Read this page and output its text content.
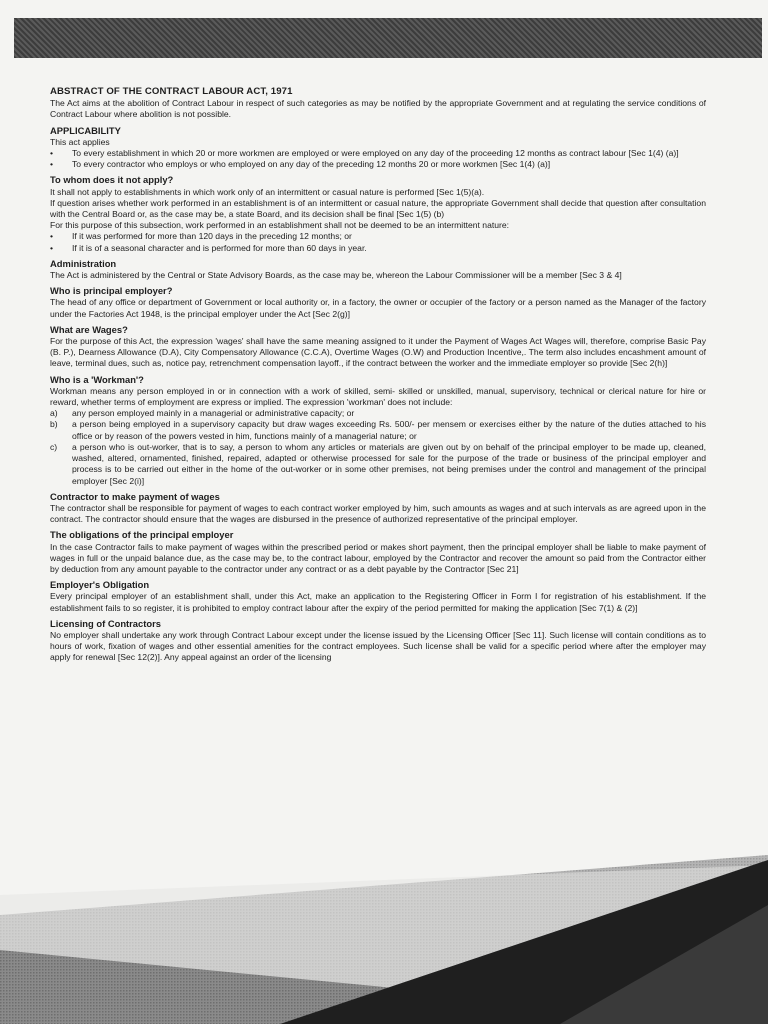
ABSTRACT OF THE CONTRACT LABOUR ACT, 1971

The Act aims at the abolition of Contract Labour in respect of such categories as may be notified by the appropriate Government and at regulating the service conditions of Contract Labour where abolition is not possible.

APPLICABILITY

This act applies

• To every establishment in which 20 or more workmen are employed or were employed on any day of the proceeding 12 months as contract labour [Sec 1(4) (a)]
• To every contractor who employs or who employed on any day of the preceding 12 months 20 or more workmen [Sec 1(4) (a)]
To whom does it not apply?

It shall not apply to establishments in which work only of an intermittent or casual nature is performed [Sec 1(5)(a).

If question arises whether work performed in an establishment is of an intermittent or casual nature, the appropriate Government shall decide that question after consultation with the Central Board or, as the case may be, a state Board, and its decision shall be final [Sec 1(5) (b)

For this purpose of this subsection, work performed in an establishment shall not be deemed to be an intermittent nature:

• If it was performed for more than 120 days in the preceding 12 months; or
• If it is of a seasonal character and is performed for more than 60 days in year.
Administration

The Act is administered by the Central or State Advisory Boards, as the case may be, whereon the Labour Commissioner will be a member [Sec 3 & 4]

Who is principal employer?

The head of any office or department of Government or local authority or, in a factory, the owner or occupier of the factory or a person named as the Manager of the factory under the Factories Act 1948, is the principal employer under the Act [Sec 2(g)]

What are Wages?

For the purpose of this Act, the expression 'wages' shall have the same meaning assigned to it under the Payment of Wages Act Wages will, therefore, comprise Basic Pay (B. P.), Dearness Allowance (D.A), City Compensatory Allowance (C.C.A), Overtime Wages (O.W) and Production Incentive,. The term also includes encashment amount of leave, terminal dues, such as, notice pay, retrenchment compensation layoff., if the contract between the worker and the immediate employer so provide [Sec 2(h)]

Who is a 'Workman'?

Workman means any person employed in or in connection with a work of skilled, semi- skilled or unskilled, manual, supervisory, technical or clerical nature for hire or reward, whether terms of employment are express or implied. The expression 'workman' does not include:

a) any person employed mainly in a managerial or administrative capacity; or
b) a person being employed in a supervisory capacity but draw wages exceeding Rs. 500/- per mensem or exercises either by the nature of the duties attached to his office or by reason of the powers vested in him, functions mainly of a managerial nature; or
c) a person who is out-worker, that is to say, a person to whom any articles or materials are given out by on behalf of the principal employer to be made up, cleaned, washed, altered, ornamented, finished, repaired, adapted or otherwise processed for sale for the purpose of the trade or business of the principal employer and process is to be carried out either in the home of the out-worker or in some other premises, not being premises under the control and management of the principal employer [Sec 2(i)]
Contractor to make payment of wages

The contractor shall be responsible for payment of wages to each contract worker employed by him, such amounts as wages and at such intervals as are agreed upon in the contract. The contractor should ensure that the wages are disbursed in the presence of authorized representative of the principal employer.

The obligations of the principal employer

In the case Contractor fails to make payment of wages within the prescribed period or makes short payment, then the principal employer shall be liable to make payment of wages in full or the unpaid balance due, as the case may be, to the contract labour, employed by the Contractor and recover the amount so paid from the Contractor either by deduction from any amount payable to the contractor under any contract or as a debt payable by the Contractor [Sec 21]

Employer's Obligation

Every principal employer of an establishment shall, under this Act, make an application to the Registering Officer in Form I for registration of his establishment. If the establishment fails to so register, it is prohibited to employ contract labour after the expiry of the period permitted for making the application [Sec 7(1) & (2)]

Licensing of Contractors

No employer shall undertake any work through Contract Labour except under the license issued by the Licensing Officer [Sec 11]. Such license will contain conditions as to hours of work, fixation of wages and other essential amenities for the contract employees. Such license shall be valid for a specific period where after the employer may apply for renewal [Sec 12(2)]. Any appeal against an order of the licensing
